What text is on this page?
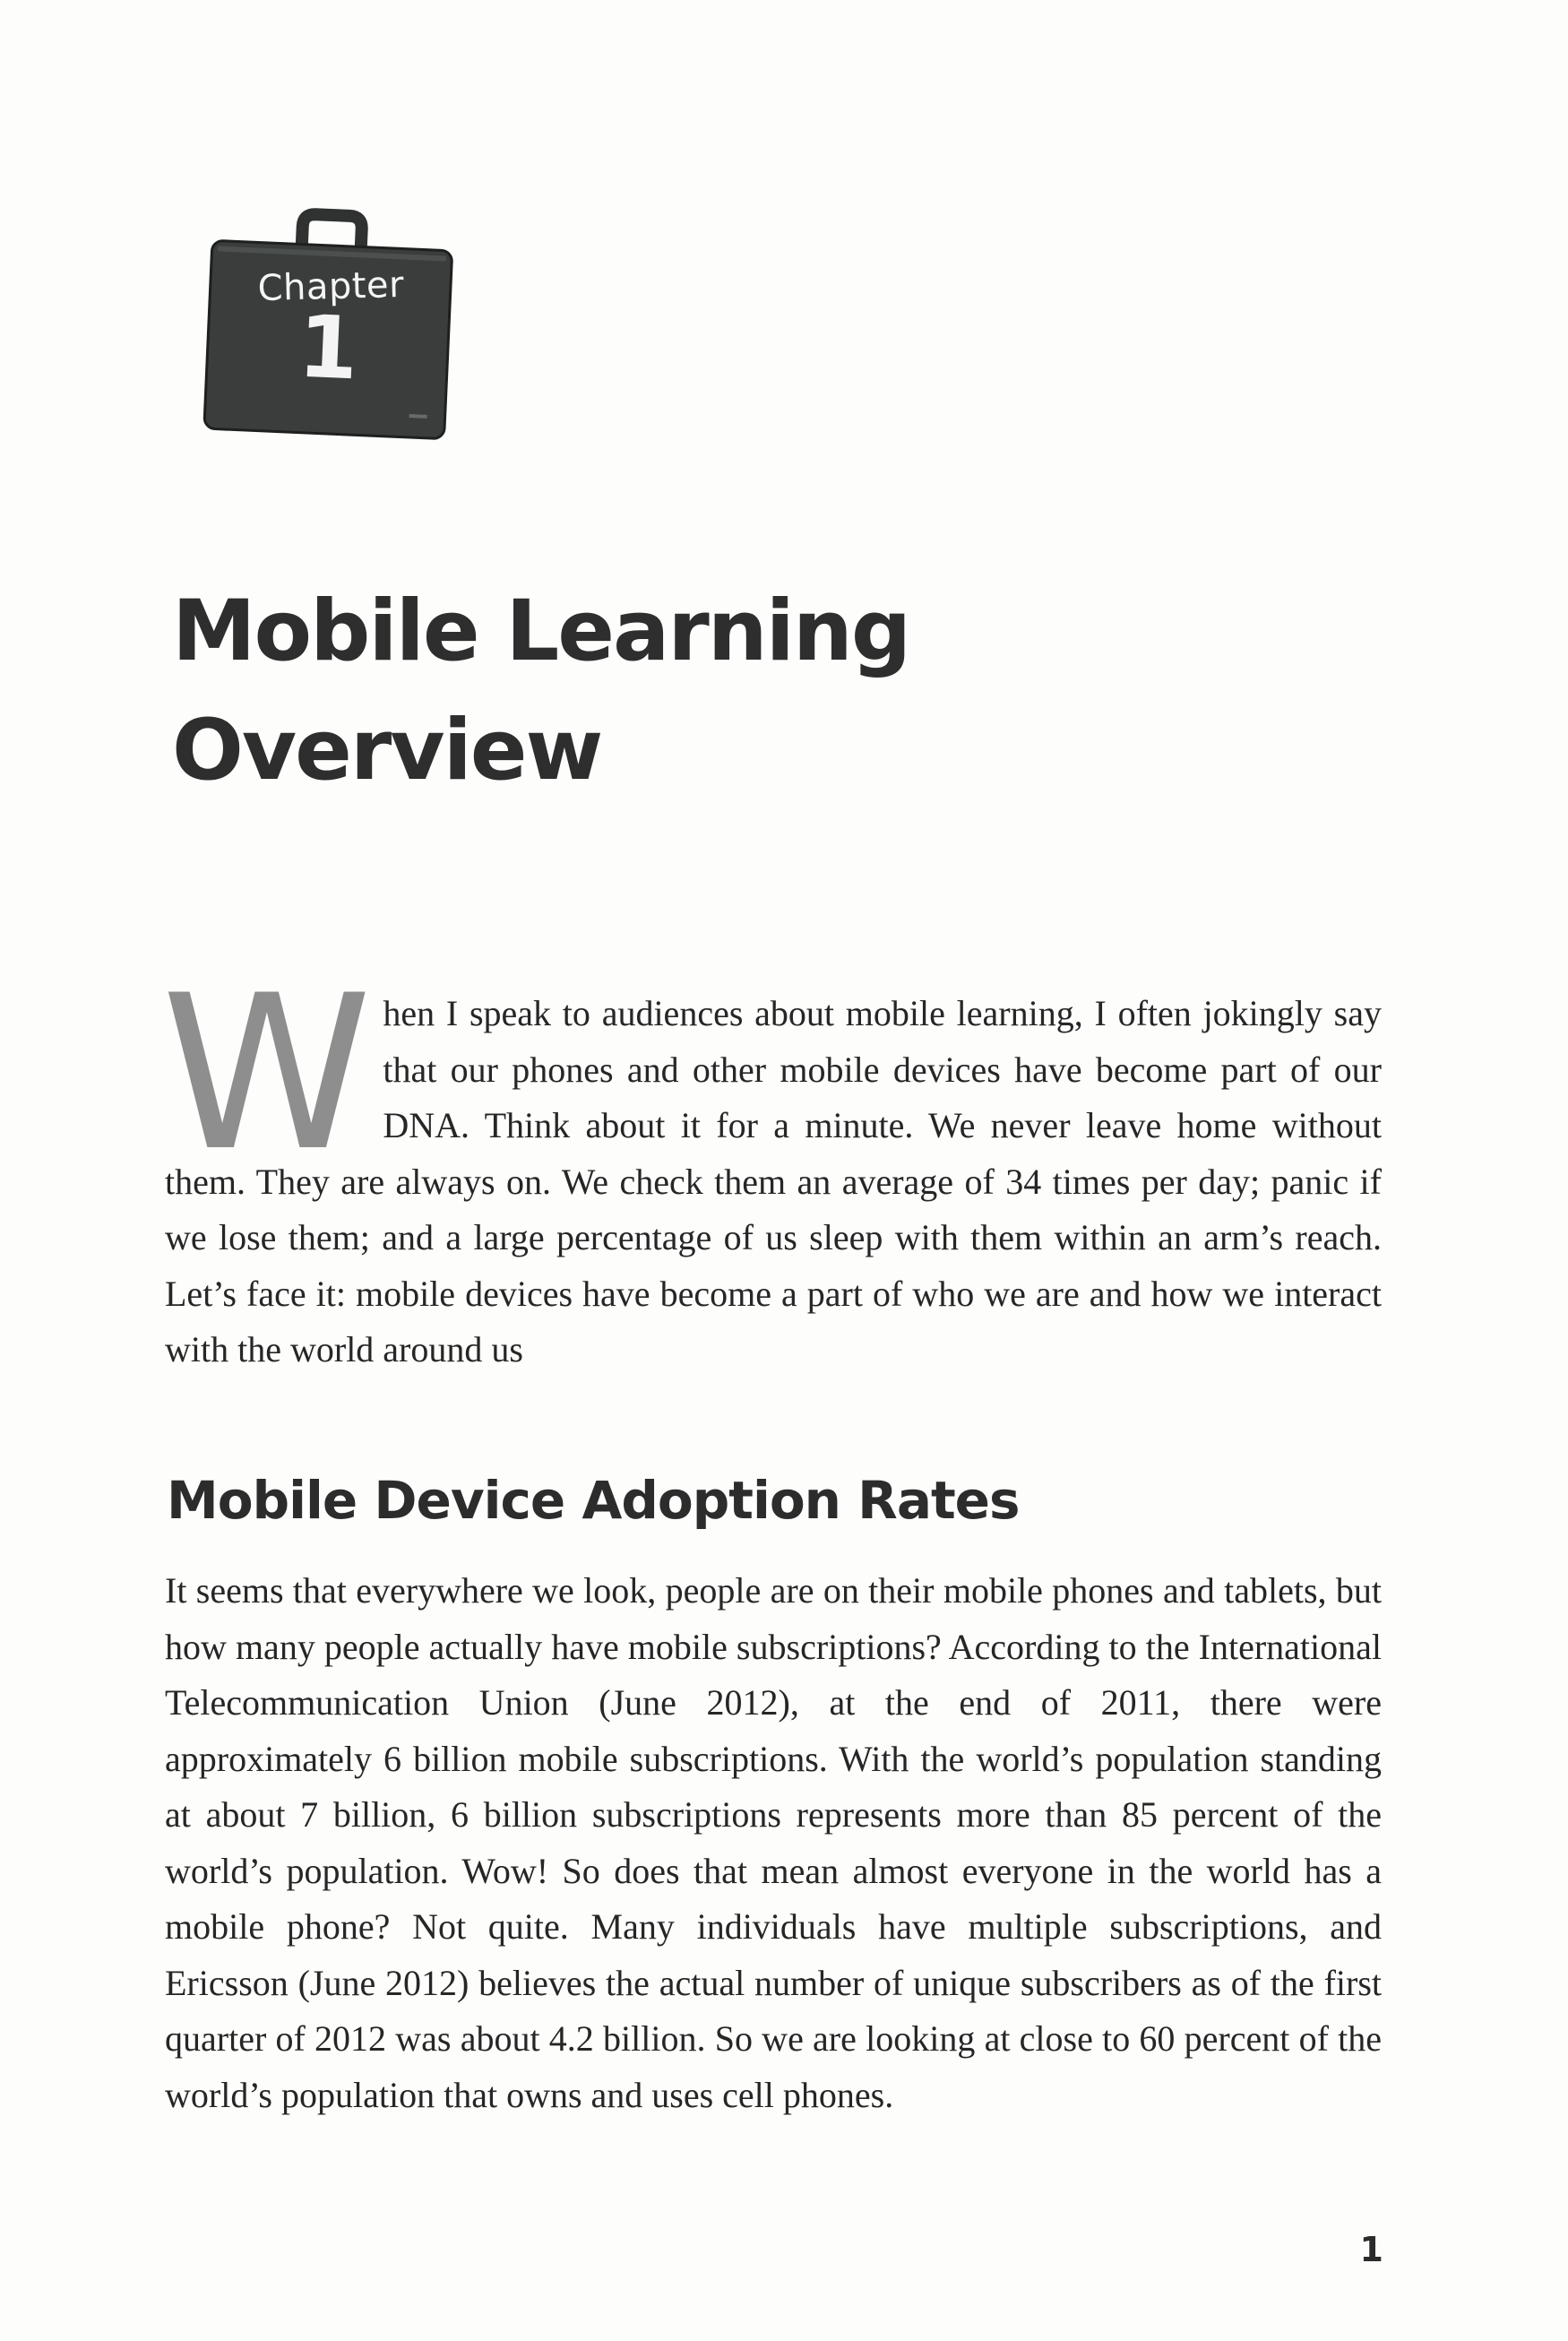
Chapter
1
Mobile Learning
Overview
When I speak to audiences about mobile learning, I often jokingly say that our phones and other mobile devices have become part of our DNA. Think about it for a minute. We never leave home without them. They are always on. We check them an average of 34 times per day; panic if we lose them; and a large percentage of us sleep with them within an arm’s reach. Let’s face it: mobile devices have become a part of who we are and how we interact with the world around us
Mobile Device Adoption Rates

It seems that everywhere we look, people are on their mobile phones and tablets, but how many people actually have mobile subscriptions? According to the International Telecommunication Union (June 2012), at the end of 2011, there were approximately 6 billion mobile subscriptions. With the world’s population standing at about 7 billion, 6 billion subscriptions represents more than 85 percent of the world’s population. Wow! So does that mean almost everyone in the world has a mobile phone? Not quite. Many individuals have multiple subscriptions, and Ericsson (June 2012) believes the actual number of unique subscribers as of the first quarter of 2012 was about 4.2 billion. So we are looking at close to 60 percent of the world’s population that owns and uses cell phones.

1
